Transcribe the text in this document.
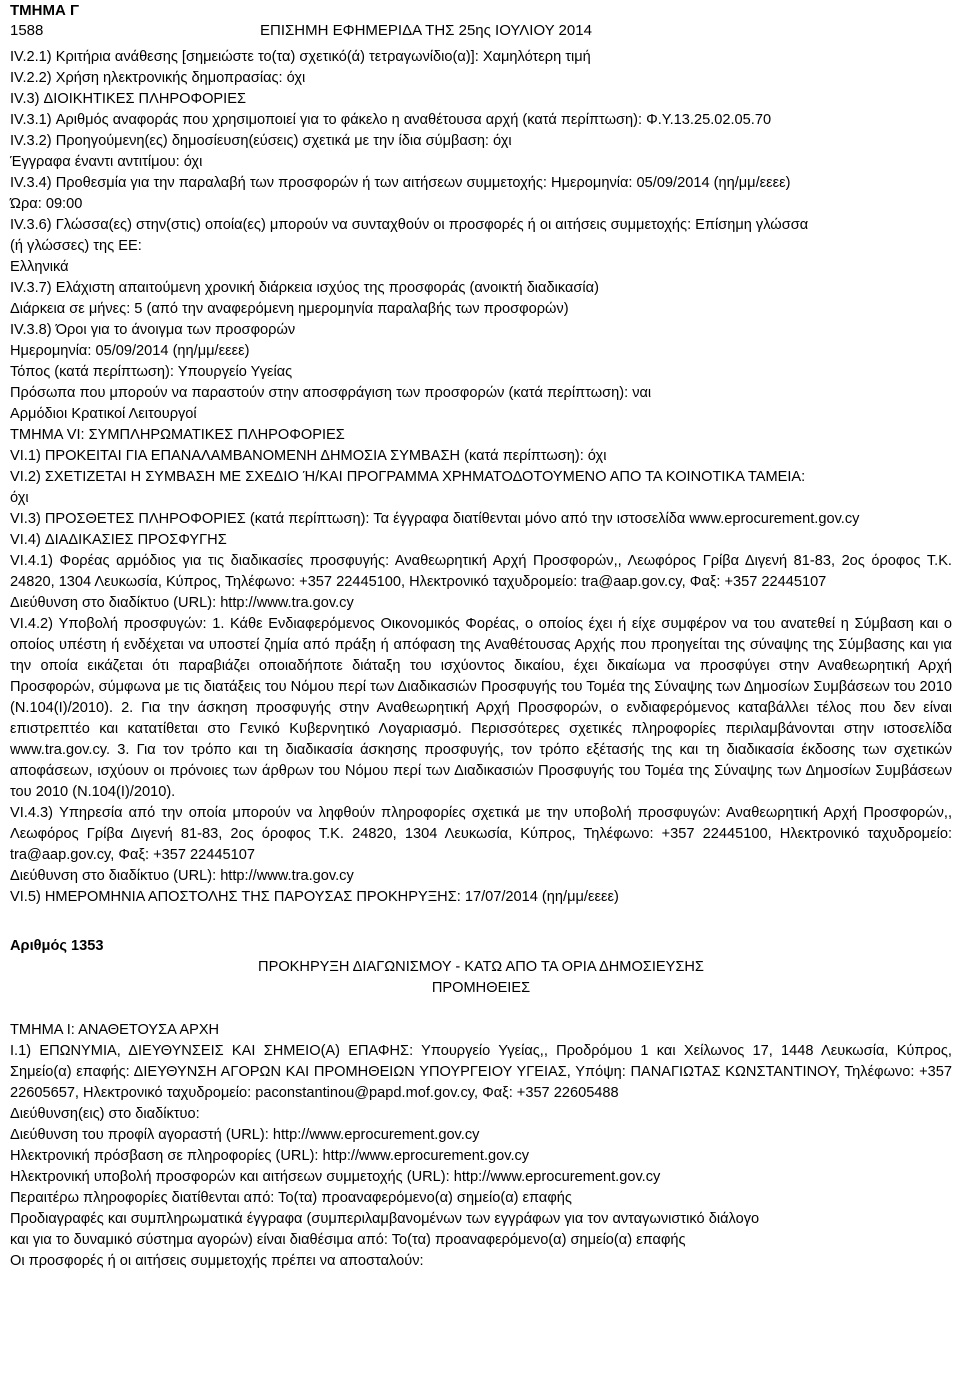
ΤΜΗΜΑ Γ
1588	ΕΠΙΣΗΜΗ ΕΦΗΜΕΡΙΔΑ ΤΗΣ 25ης ΙΟΥΛΙΟΥ 2014
IV.2.1) Κριτήρια ανάθεσης [σημειώστε το(τα) σχετικό(ά) τετραγωνίδιο(α)]: Χαμηλότερη τιμή
IV.2.2) Χρήση ηλεκτρονικής δημοπρασίας: όχι
IV.3) ΔΙΟΙΚΗΤΙΚΕΣ ΠΛΗΡΟΦΟΡΙΕΣ
IV.3.1) Αριθμός αναφοράς που χρησιμοποιεί για το φάκελο η αναθέτουσα αρχή (κατά περίπτωση): Φ.Υ.13.25.02.05.70
IV.3.2) Προηγούμενη(ες) δημοσίευση(εύσεις) σχετικά με την ίδια σύμβαση: όχι
Έγγραφα έναντι αντιτίμου: όχι
IV.3.4) Προθεσμία για την παραλαβή των προσφορών ή των αιτήσεων συμμετοχής: Ημερομηνία: 05/09/2014 (ηη/μμ/εεεε)
Ώρα: 09:00
IV.3.6) Γλώσσα(ες) στην(στις) οποία(ες) μπορούν να συνταχθούν οι προσφορές ή οι αιτήσεις συμμετοχής: Επίσημη γλώσσα
(ή γλώσσες) της ΕΕ:
Ελληνικά
IV.3.7) Ελάχιστη απαιτούμενη χρονική διάρκεια ισχύος της προσφοράς (ανοικτή διαδικασία)
Διάρκεια σε μήνες: 5 (από την αναφερόμενη ημερομηνία παραλαβής των προσφορών)
IV.3.8) Όροι για το άνοιγμα των προσφορών
Ημερομηνία: 05/09/2014 (ηη/μμ/εεεε)
Τόπος (κατά περίπτωση): Υπουργείο Υγείας
Πρόσωπα που μπορούν να παραστούν στην αποσφράγιση των προσφορών (κατά περίπτωση): ναι
Αρμόδιοι Κρατικοί Λειτουργοί
ΤΜΗΜΑ VI: ΣΥΜΠΛΗΡΩΜΑΤΙΚΕΣ ΠΛΗΡΟΦΟΡΙΕΣ
VI.1) ΠΡΟΚΕΙΤΑΙ ΓΙΑ ΕΠΑΝΑΛΑΜΒΑΝΟΜΕΝΗ ΔΗΜΟΣΙΑ ΣΥΜΒΑΣΗ (κατά περίπτωση): όχι
VI.2) ΣΧΕΤΙΖΕΤΑΙ Η ΣΥΜΒΑΣΗ ΜΕ ΣΧΕΔΙΟ Ή/ΚΑΙ ΠΡΟΓΡΑΜΜΑ ΧΡΗΜΑΤΟΔΟΤΟΥΜΕΝΟ ΑΠΟ ΤΑ ΚΟΙΝΟΤΙΚΑ ΤΑΜΕΙΑ:
όχι
VI.3) ΠΡΟΣΘΕΤΕΣ ΠΛΗΡΟΦΟΡΙΕΣ (κατά περίπτωση): Τα έγγραφα διατίθενται μόνο από την ιστοσελίδα www.eprocurement.gov.cy
VI.4) ΔΙΑΔΙΚΑΣΙΕΣ ΠΡΟΣΦΥΓΗΣ
VI.4.1) Φορέας αρμόδιος για τις διαδικασίες προσφυγής: Αναθεωρητική Αρχή Προσφορών,, Λεωφόρος Γρίβα Διγενή 81-83, 2ος όροφος Τ.Κ. 24820, 1304 Λευκωσία, Κύπρος, Τηλέφωνο: +357 22445100, Ηλεκτρονικό ταχυδρομείο: tra@aap.gov.cy, Φαξ: +357 22445107
Διεύθυνση στο διαδίκτυο (URL): http://www.tra.gov.cy
VI.4.2) Υποβολή προσφυγών: 1. Κάθε Ενδιαφερόμενος Οικονομικός Φορέας, ο οποίος έχει ή είχε συμφέρον να του ανατεθεί η Σύμβαση και ο οποίος υπέστη ή ενδέχεται να υποστεί ζημία από πράξη ή απόφαση της Αναθέτουσας Αρχής που προηγείται της σύναψης της Σύμβασης και για την οποία εικάζεται ότι παραβιάζει οποιαδήποτε διάταξη του ισχύοντος δικαίου, έχει δικαίωμα να προσφύγει στην Αναθεωρητική Αρχή Προσφορών, σύμφωνα με τις διατάξεις του Νόμου περί των Διαδικασιών Προσφυγής του Τομέα της Σύναψης των Δημοσίων Συμβάσεων του 2010 (Ν.104(Ι)/2010). 2. Για την άσκηση προσφυγής στην Αναθεωρητική Αρχή Προσφορών, ο ενδιαφερόμενος καταβάλλει τέλος που δεν είναι επιστρεπτέο και κατατίθεται στο Γενικό Κυβερνητικό Λογαριασμό. Περισσότερες σχετικές πληροφορίες περιλαμβάνονται στην ιστοσελίδα www.tra.gov.cy. 3. Για τον τρόπο και τη διαδικασία άσκησης προσφυγής, τον τρόπο εξέτασής της και τη διαδικασία έκδοσης των σχετικών αποφάσεων, ισχύουν οι πρόνοιες των άρθρων του Νόμου περί των Διαδικασιών Προσφυγής του Τομέα της Σύναψης των Δημοσίων Συμβάσεων του 2010 (Ν.104(Ι)/2010).
VI.4.3) Υπηρεσία από την οποία μπορούν να ληφθούν πληροφορίες σχετικά με την υποβολή προσφυγών: Αναθεωρητική Αρχή Προσφορών,, Λεωφόρος Γρίβα Διγενή 81-83, 2ος όροφος Τ.Κ. 24820, 1304 Λευκωσία, Κύπρος, Τηλέφωνο: +357 22445100, Ηλεκτρονικό ταχυδρομείο: tra@aap.gov.cy, Φαξ: +357 22445107
Διεύθυνση στο διαδίκτυο (URL): http://www.tra.gov.cy
VI.5) ΗΜΕΡΟΜΗΝΙΑ ΑΠΟΣΤΟΛΗΣ ΤΗΣ ΠΑΡΟΥΣΑΣ ΠΡΟΚΗΡΥΞΗΣ: 17/07/2014 (ηη/μμ/εεεε)
Αριθμός 1353
ΠΡΟΚΗΡΥΞΗ ΔΙΑΓΩΝΙΣΜΟΥ - ΚΑΤΩ ΑΠΟ ΤΑ ΟΡΙΑ ΔΗΜΟΣΙΕΥΣΗΣ
ΠΡΟΜΗΘΕΙΕΣ
ΤΜΗΜΑ Ι: ΑΝΑΘΕΤΟΥΣΑ ΑΡΧΗ
Ι.1) ΕΠΩΝΥΜΙΑ, ΔΙΕΥΘΥΝΣΕΙΣ ΚΑΙ ΣΗΜΕΙΟ(Α) ΕΠΑΦΗΣ: Υπουργείο Υγείας,, Προδρόμου 1 και Χείλωνος 17, 1448 Λευκωσία, Κύπρος, Σημείο(α) επαφής: ΔΙΕΥΘΥΝΣΗ ΑΓΟΡΩΝ ΚΑΙ ΠΡΟΜΗΘΕΙΩΝ ΥΠΟΥΡΓΕΙΟΥ ΥΓΕΙΑΣ, Υπόψη: ΠΑΝΑΓΙΩΤΑΣ ΚΩΝΣΤΑΝΤΙΝΟΥ, Τηλέφωνο: +357 22605657, Ηλεκτρονικό ταχυδρομείο: paconstantinou@papd.mof.gov.cy, Φαξ: +357 22605488
Διεύθυνση(εις) στο διαδίκτυο:
Διεύθυνση του προφίλ αγοραστή (URL): http://www.eprocurement.gov.cy
Ηλεκτρονική πρόσβαση σε πληροφορίες (URL): http://www.eprocurement.gov.cy
Ηλεκτρονική υποβολή προσφορών και αιτήσεων συμμετοχής (URL): http://www.eprocurement.gov.cy
Περαιτέρω πληροφορίες διατίθενται από: Το(τα) προαναφερόμενο(α) σημείο(α) επαφής
Προδιαγραφές και συμπληρωματικά έγγραφα (συμπεριλαμβανομένων των εγγράφων για τον ανταγωνιστικό διάλογο
και για το δυναμικό σύστημα αγορών) είναι διαθέσιμα από: Το(τα) προαναφερόμενο(α) σημείο(α) επαφής
Οι προσφορές ή οι αιτήσεις συμμετοχής πρέπει να αποσταλούν:
